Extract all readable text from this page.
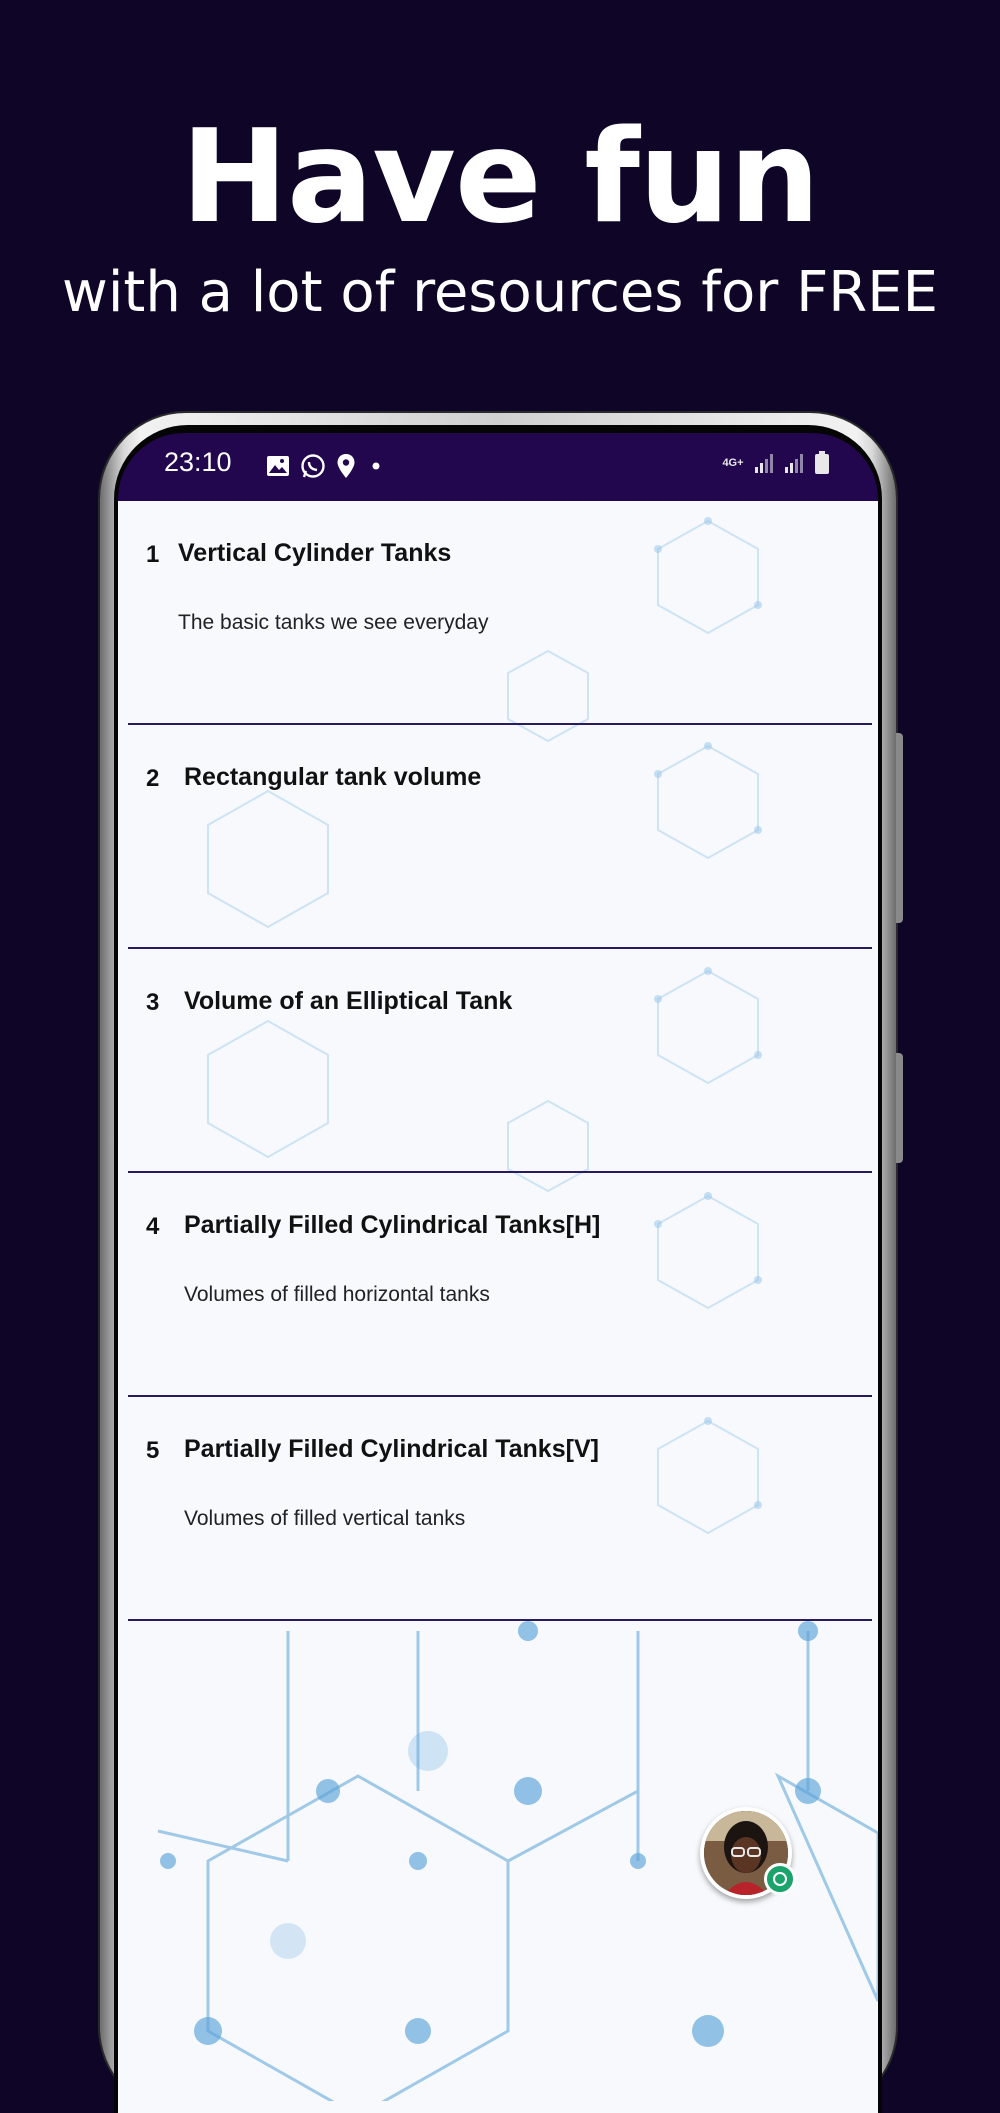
Have fun
with a lot of resources for FREE
23:10	4G+
1 Vertical Cylinder Tanks
The basic tanks we see everyday
2 Rectangular tank volume
3 Volume of an Elliptical Tank
4 Partially Filled Cylindrical Tanks[H]
Volumes of filled horizontal tanks
5 Partially Filled Cylindrical Tanks[V]
Volumes of filled vertical tanks
